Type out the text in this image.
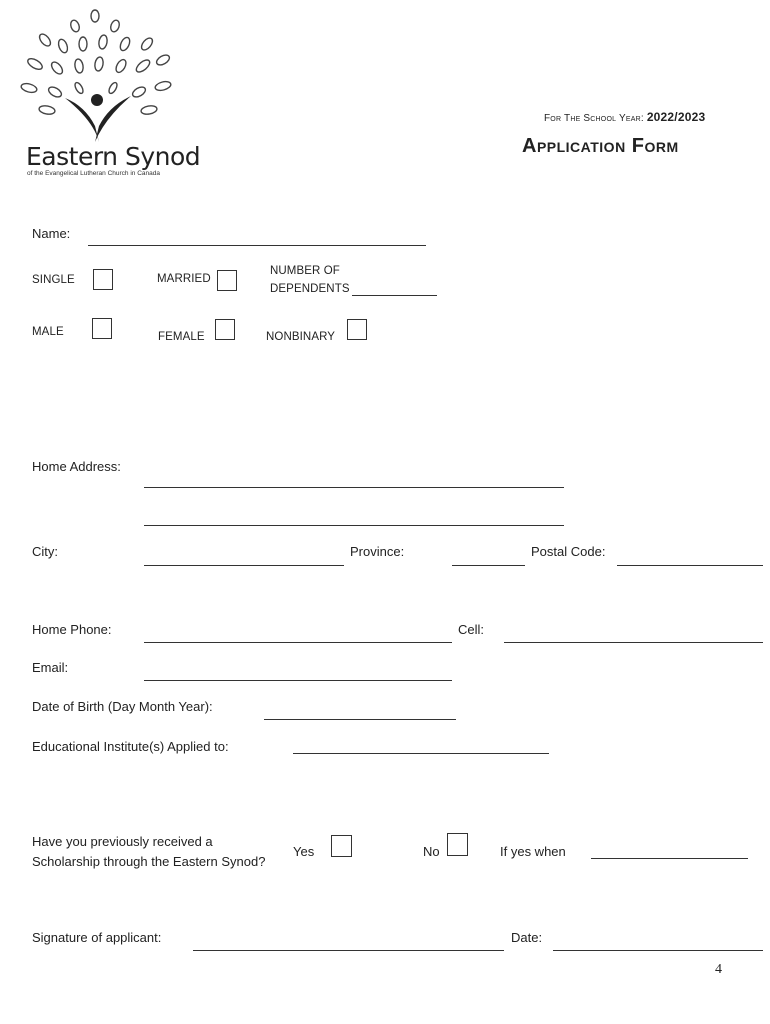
Eastern Synod
of the Evangelical Lutheran Church in Canada
For The School Year: 2022/2023
Application Form
Name:
SINGLE	MARRIED
NUMBER OF
DEPENDENTS
MALE	FEMALE	NONBINARY
Home Address:
City:	Province:	Postal Code:
Home Phone:	Cell:
Email:
Date of Birth (Day Month Year):
Educational Institute(s) Applied to:
Have you previously received a
Scholarship through the Eastern Synod?
Yes	No	If yes when
Signature of applicant:	Date:
4
